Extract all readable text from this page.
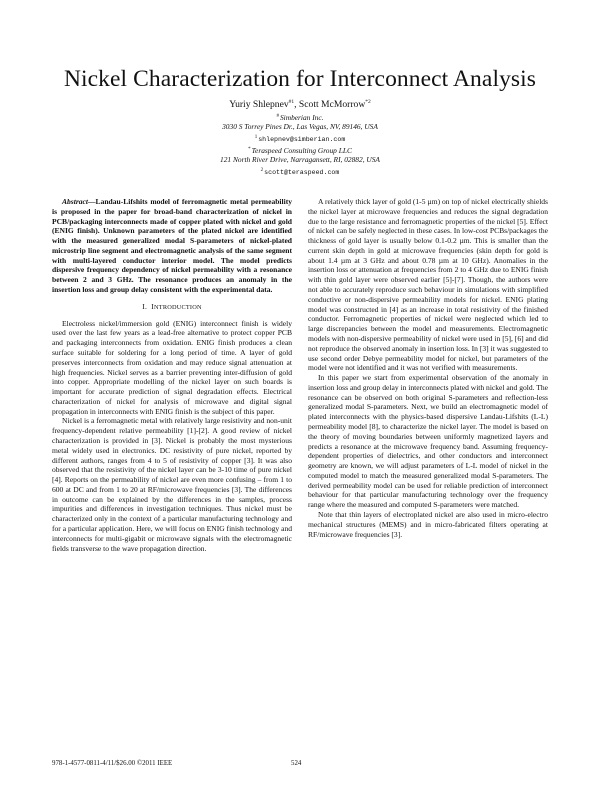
Nickel Characterization for Interconnect Analysis
Yuriy Shlepnev$^{\#1}$, Scott McMorrow$^{*2}$
#Simberian Inc.
3030 S Torrey Pines Dr., Las Vegas, NV, 89146, USA
$^1$shlepnev@simberian.com
*Teraspeed Consulting Group LLC
121 North River Drive, Narragansett, RI, 02882, USA
$^2$scott@teraspeed.com

Abstract—Landau-Lifshits model of ferromagnetic metal permeability is proposed in the paper for broad-band characterization of nickel in PCB/packaging interconnects made of copper plated with nickel and gold (ENIG finish). Unknown parameters of the plated nickel are identified with the measured generalized modal S-parameters of nickel-plated microstrip line segment and electromagnetic analysis of the same segment with multi-layered conductor interior model. The model predicts dispersive frequency dependency of nickel permeability with a resonance between 2 and 3 GHz. The resonance produces an anomaly in the insertion loss and group delay consistent with the experimental data.

I. INTRODUCTION

Electroless nickel/immersion gold (ENIG) interconnect finish is widely used over the last few years as a lead-free alternative to protect copper PCB and packaging interconnects from oxidation. ENIG finish produces a clean surface suitable for soldering for a long period of time. A layer of gold preserves interconnects from oxidation and may reduce signal attenuation at high frequencies. Nickel serves as a barrier preventing inter-diffusion of gold into copper. Appropriate modelling of the nickel layer on such boards is important for accurate prediction of signal degradation effects. Electrical characterization of nickel for analysis of microwave and digital signal propagation in interconnects with ENIG finish is the subject of this paper.

Nickel is a ferromagnetic metal with relatively large resistivity and non-unit frequency-dependent relative permeability [1]-[2]. A good review of nickel characterization is provided in [3]. Nickel is probably the most mysterious metal widely used in electronics. DC resistivity of pure nickel, reported by different authors, ranges from 4 to 5 of resistivity of copper [3]. It was also observed that the resistivity of the nickel layer can be 3-10 time of pure nickel [4]. Reports on the permeability of nickel are even more confusing – from 1 to 600 at DC and from 1 to 20 at RF/microwave frequencies [3]. The differences in outcome can be explained by the differences in the samples, process impurities and differences in investigation techniques. Thus nickel must be characterized only in the context of a particular manufacturing technology and for a particular application. Here, we will focus on ENIG finish technology and interconnects for multi-gigabit or microwave signals with the electromagnetic fields transverse to the wave propagation direction.

A relatively thick layer of gold (1-5 µm) on top of nickel electrically shields the nickel layer at microwave frequencies and reduces the signal degradation due to the large resistance and ferromagnetic properties of the nickel [5]. Effect of nickel can be safely neglected in these cases. In low-cost PCBs/packages the thickness of gold layer is usually below 0.1-0.2 µm. This is smaller than the current skin depth in gold at microwave frequencies (skin depth for gold is about 1.4 µm at 3 GHz and about 0.78 µm at 10 GHz). Anomalies in the insertion loss or attenuation at frequencies from 2 to 4 GHz due to ENIG finish with thin gold layer were observed earlier [5]-[7]. Though, the authors were not able to accurately reproduce such behaviour in simulations with simplified conductive or non-dispersive permeability models for nickel. ENIG plating model was constructed in [4] as an increase in total resistivity of the finished conductor. Ferromagnetic properties of nickel were neglected which led to large discrepancies between the model and measurements. Electromagnetic models with non-dispersive permeability of nickel were used in [5], [6] and did not reproduce the observed anomaly in insertion loss. In [3] it was suggested to use second order Debye permeability model for nickel, but parameters of the model were not identified and it was not verified with measurements.

In this paper we start from experimental observation of the anomaly in insertion loss and group delay in interconnects plated with nickel and gold. The resonance can be observed on both original S-parameters and reflection-less generalized modal S-parameters. Next, we build an electromagnetic model of plated interconnects with the physics-based dispersive Landau-Lifshits (L-L) permeability model [8], to characterize the nickel layer. The model is based on the theory of moving boundaries between uniformly magnetized layers and predicts a resonance at the microwave frequency band. Assuming frequency-dependent properties of dielectrics, and other conductors and interconnect geometry are known, we will adjust parameters of L-L model of nickel in the computed model to match the measured generalized modal S-parameters. The derived permeability model can be used for reliable prediction of interconnect behaviour for that particular manufacturing technology over the frequency range where the measured and computed S-parameters were matched.

Note that thin layers of electroplated nickel are also used in micro-electro mechanical structures (MEMS) and in micro-fabricated filters operating at RF/microwave frequencies [3].

978-1-4577-0811-4/11/$26.00 ©2011 IEEE	524
